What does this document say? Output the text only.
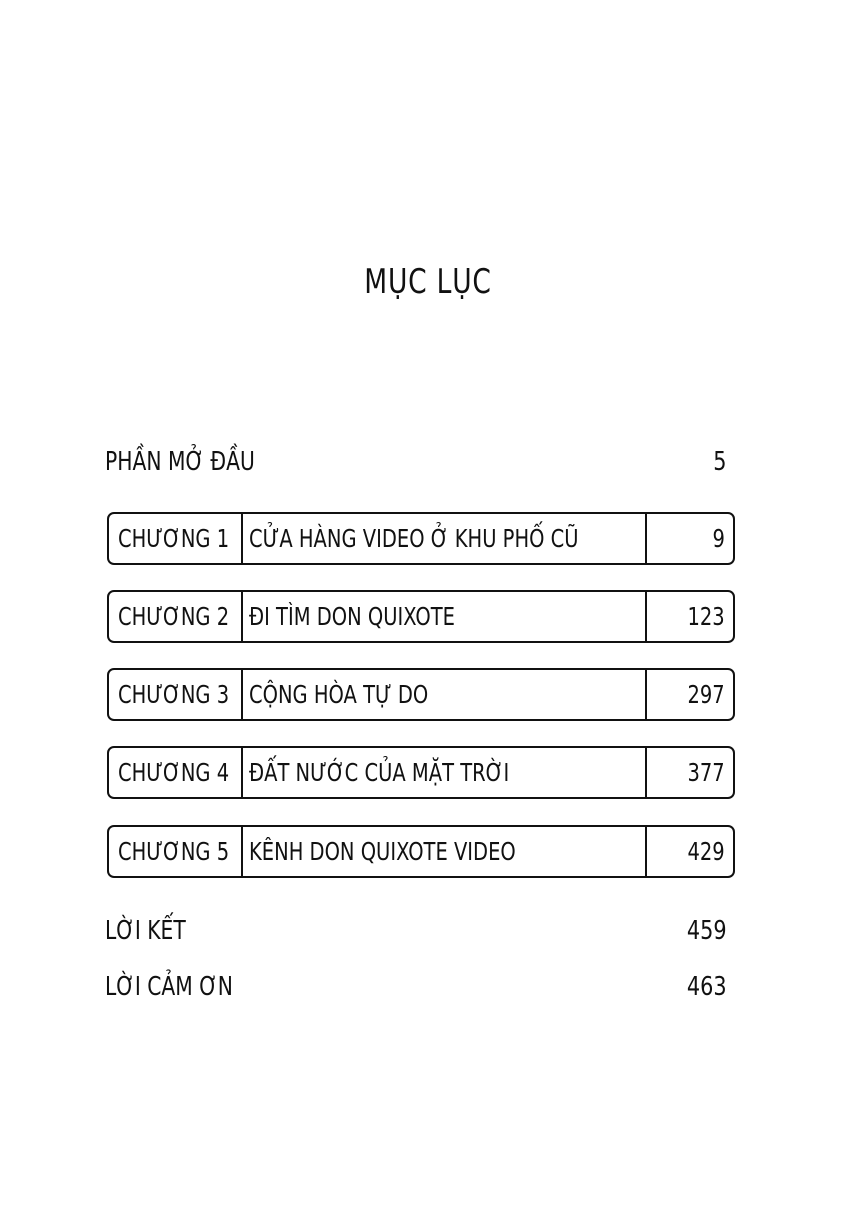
MỤC LỤC
PHẦN MỞ ĐẦU	5
CHƯƠNG 1 CỬA HÀNG VIDEO Ở KHU PHỐ CŨ	9
CHƯƠNG 2 ĐI TÌM DON QUIXOTE	123
CHƯƠNG 3 CỘNG HÒA TỰ DO	297
CHƯƠNG 4 ĐẤT NƯỚC CỦA MẶT TRỜI	377
CHƯƠNG 5 KÊNH DON QUIXOTE VIDEO	429
LỜI KẾT	459
LỜI CẢM ƠN	463
